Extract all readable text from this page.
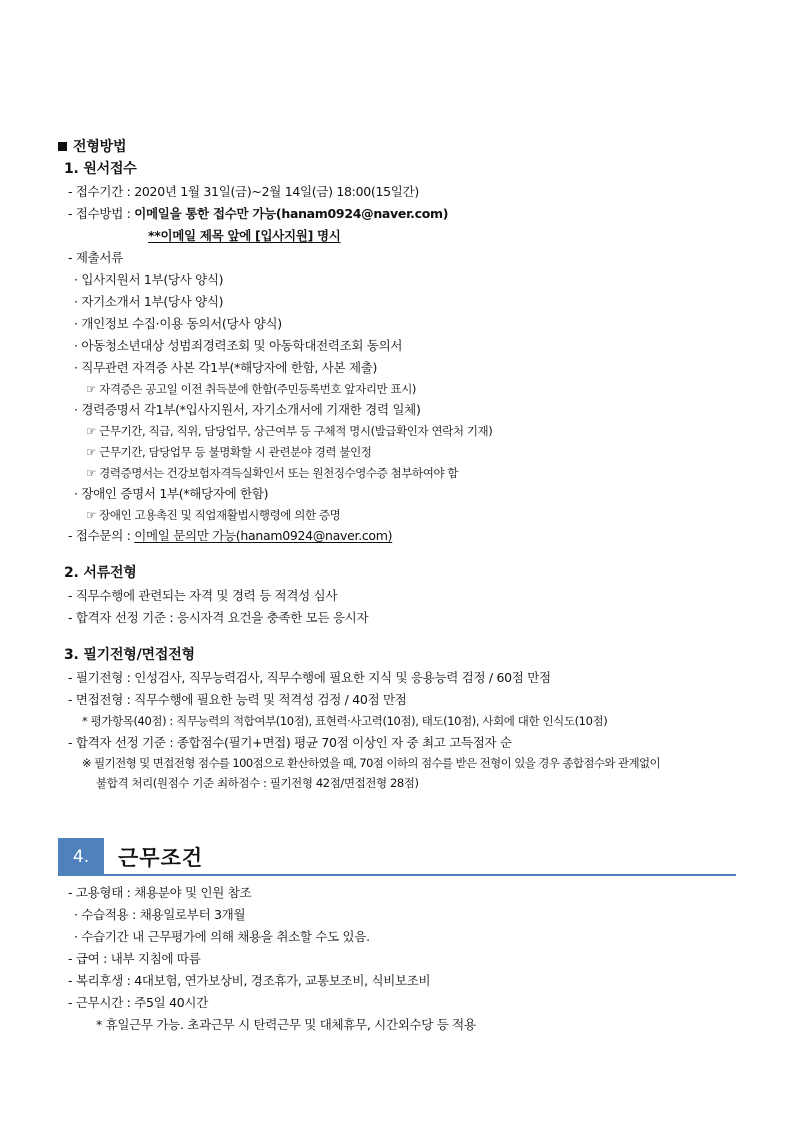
전형방법
1. 원서접수
- 접수기간 : 2020년 1월 31일(금)~2월 14일(금) 18:00(15일간)
- 접수방법 : 이메일을 통한 접수만 가능(hanam0924@naver.com)
**이메일 제목 앞에 [입사지원] 명시
- 제출서류
· 입사지원서 1부(당사 양식)
· 자기소개서 1부(당사 양식)
· 개인정보 수집·이용 동의서(당사 양식)
· 아동청소년대상 성범죄경력조회 및 아동학대전력조회 동의서
· 직무관련 자격증 사본 각1부(*해당자에 한함, 사본 제출)
☞ 자격증은 공고일 이전 취득분에 한함(주민등록번호 앞자리만 표시)
· 경력증명서 각1부(*입사지원서, 자기소개서에 기재한 경력 일체)
☞ 근무기간, 직급, 직위, 담당업무, 상근여부 등 구체적 명시(발급확인자 연락처 기재)
☞ 근무기간, 담당업무 등 불명확할 시 관련분야 경력 불인정
☞ 경력증명서는 건강보험자격득실확인서 또는 원천징수영수증 첨부하여야 함
· 장애인 증명서 1부(*해당자에 한함)
☞ 장애인 고용촉진 및 직업재활법시행령에 의한 증명
- 접수문의 : 이메일 문의만 가능(hanam0924@naver.com)
2. 서류전형
- 직무수행에 관련되는 자격 및 경력 등 적격성 심사
- 합격자 선정 기준 : 응시자격 요건을 충족한 모든 응시자
3. 필기전형/면접전형
- 필기전형 : 인성검사, 직무능력검사, 직무수행에 필요한 지식 및 응용능력 검정 / 60점 만점
- 면접전형 : 직무수행에 필요한 능력 및 적격성 검정 / 40점 만점
* 평가항목(40점) : 직무능력의 적합여부(10점), 표현력·사고력(10점), 태도(10점), 사회에 대한 인식도(10점)
- 합격자 선정 기준 : 종합점수(필기+면접) 평균 70점 이상인 자 중 최고 고득점자 순
※ 필기전형 및 면접전형 점수를 100점으로 환산하였을 때, 70점 이하의 점수를 받은 전형이 있을 경우 종합점수와 관계없이
불합격 처리(원점수 기준 최하점수 : 필기전형 42점/면접전형 28점)
4.	근무조건
- 고용형태 : 채용분야 및 인원 참조
· 수습적용 : 채용일로부터 3개월
· 수습기간 내 근무평가에 의해 채용을 취소할 수도 있음.
- 급여 : 내부 지침에 따름
- 복리후생 : 4대보험, 연가보상비, 경조휴가, 교통보조비, 식비보조비
- 근무시간 : 주5일 40시간
* 휴일근무 가능. 초과근무 시 탄력근무 및 대체휴무, 시간외수당 등 적용
